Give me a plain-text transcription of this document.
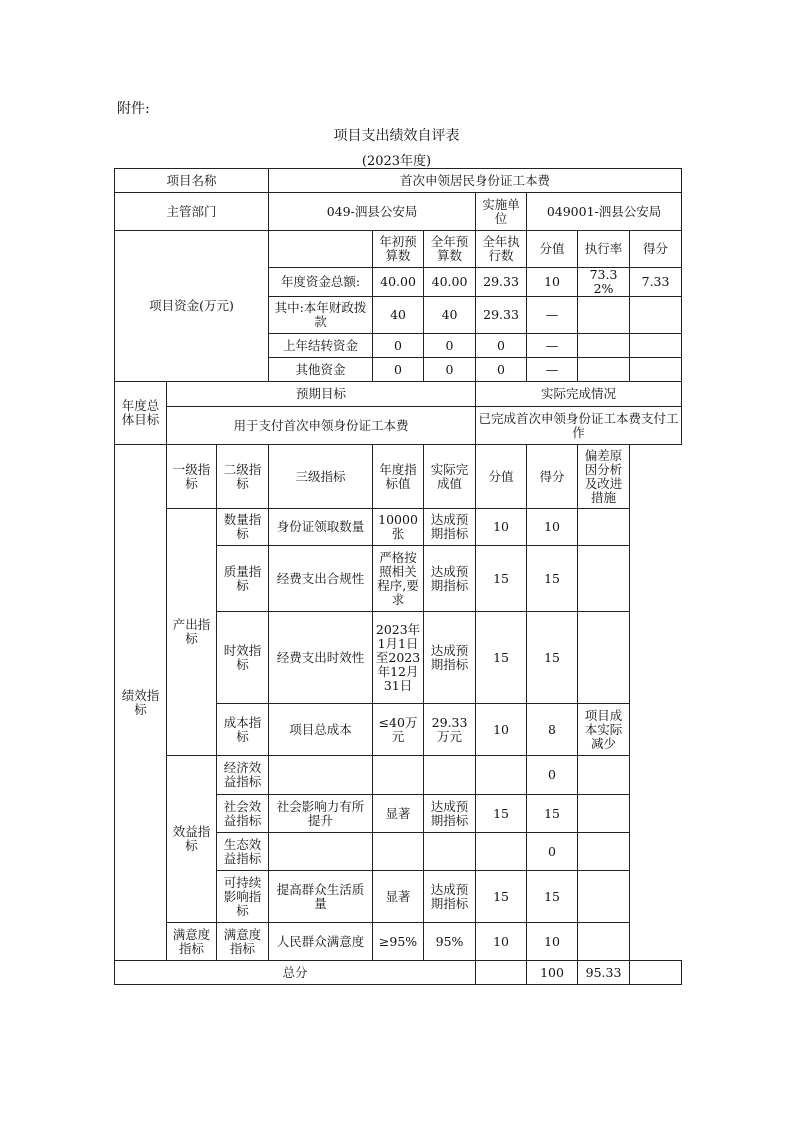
附件:
项目支出绩效自评表
(2023年度)
项目名称			首次申领居民身份证工本费						
主管部门			049-泗县公安局			实施单位	049001-泗县公安局		
项目资金(万元)				年初预算数	全年预算数	全年执行数	分值	执行率	得分
			年度资金总额:	40.00	40.00	29.33	10	73.32%	7.33
			其中:本年财政拨款	40	40	29.33	—		
			上年结转资金	0	0	0	—		
			其他资金	0	0	0	—		
年度总体目标	预期目标					实际完成情况			
	用于支付首次申领身份证工本费					已完成首次申领身份证工本费支付工作			
绩效指标	一级指标	二级指标	三级指标	年度指标值	实际完成值	分值	得分	偏差原因分析及改进措施	
	产出指标	数量指标	身份证领取数量	10000张	达成预期指标	10	10		
		质量指标	经费支出合规性	严格按照相关程序,要求	达成预期指标	15	15		
		时效指标	经费支出时效性	2023年1月1日至2023年12月31日	达成预期指标	15	15		
		成本指标	项目总成本	≤40万元	29.33万元	10	8	项目成本实际减少	
	效益指标	经济效益指标					0		
		社会效益指标	社会影响力有所提升	显著	达成预期指标	15	15		
		生态效益指标					0		
		可持续影响指标	提高群众生活质量	显著	达成预期指标	15	15		
	满意度指标	满意度指标	人民群众满意度	≥95%	95%	10	10		
总分							100	95.33	
